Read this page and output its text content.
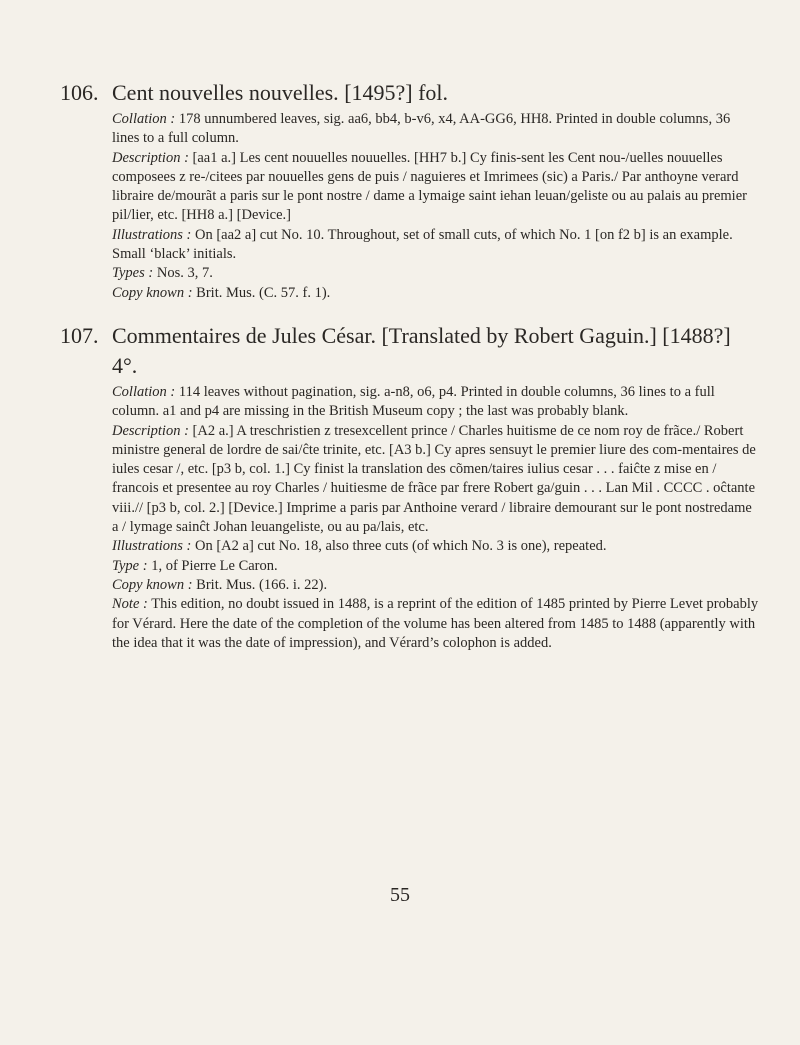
106. Cent nouvelles nouvelles. [1495?] fol.

Collation : 178 unnumbered leaves, sig. aa6, bb4, b-v6, x4, AA-GG6, HH8. Printed in double columns, 36 lines to a full column.

Description : [aa1 a.] Les cent nouuelles nouuelles. [HH7 b.] Cy finis-sent les Cent nou-/uelles nouuelles composees z re-/citees par nouuelles gens de puis / naguieres et Imrimees (sic) a Paris./ Par anthoyne verard libraire de/mourãt a paris sur le pont nostre / dame a lymaige saint iehan leuan/geliste ou au palais au premier pil/lier, etc. [HH8 a.] [Device.]

Illustrations : On [aa2 a] cut No. 10. Throughout, set of small cuts, of which No. 1 [on f2 b] is an example. Small ‘black’ initials.

Types : Nos. 3, 7.

Copy known : Brit. Mus. (C. 57. f. 1).

107. Commentaires de Jules César. [Translated by Robert Gaguin.] [1488?] 4°.

Collation : 114 leaves without pagination, sig. a-n8, o6, p4. Printed in double columns, 36 lines to a full column. a1 and p4 are missing in the British Museum copy ; the last was probably blank.

Description : [A2 a.] A treschristien z tresexcellent prince / Charles huitisme de ce nom roy de frãce./ Robert ministre general de lordre de sai/ĉte trinite, etc. [A3 b.] Cy apres sensuyt le premier liure des com-mentaires de iules cesar /, etc. [p3 b, col. 1.] Cy finist la translation des cõmen/taires iulius cesar . . . faiĉte z mise en / francois et presentee au roy Charles / huitiesme de frãce par frere Robert ga/guin . . . Lan Mil . CCCC . oĉtante viii.// [p3 b, col. 2.] [Device.] Imprime a paris par Anthoine verard / libraire demourant sur le pont nostredame a / lymage sainĉt Johan leuangeliste, ou au pa/lais, etc.

Illustrations : On [A2 a] cut No. 18, also three cuts (of which No. 3 is one), repeated.

Type : 1, of Pierre Le Caron.

Copy known : Brit. Mus. (166. i. 22).

Note : This edition, no doubt issued in 1488, is a reprint of the edition of 1485 printed by Pierre Levet probably for Vérard. Here the date of the completion of the volume has been altered from 1485 to 1488 (apparently with the idea that it was the date of impression), and Vérard’s colophon is added.

55
